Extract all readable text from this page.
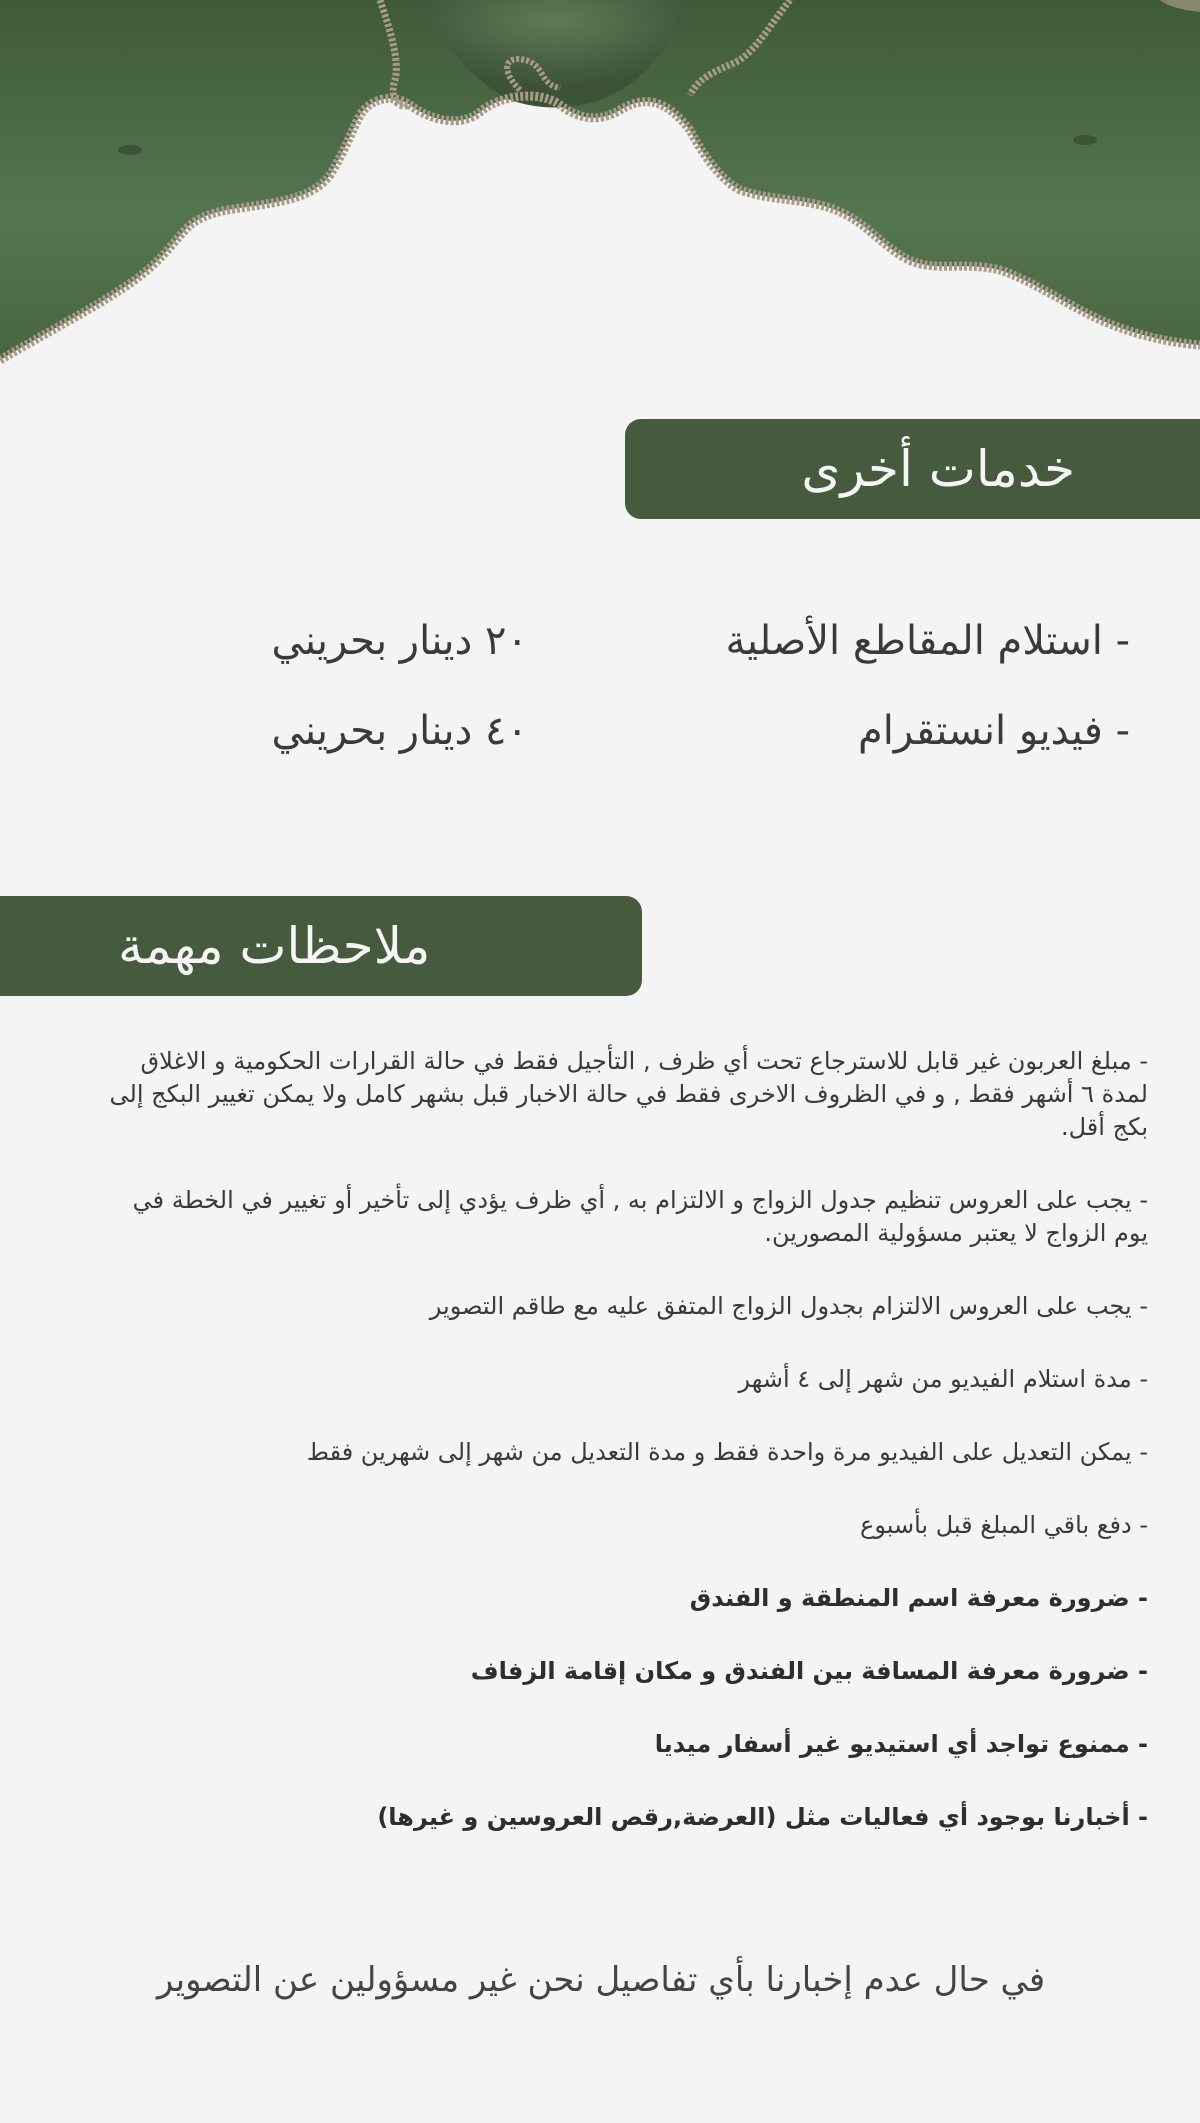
خدمات أخرى
- استلام المقاطع الأصلية
٢٠ دينار بحريني
- فيديو انستقرام
٤٠ دينار بحريني
ملاحظات مهمة

- مبلغ العربون غير قابل للاسترجاع تحت أي ظرف , التأجيل فقط في حالة القرارات الحكومية و الاغلاق لمدة ٦ أشهر فقط , و في الظروف الاخرى فقط في حالة الاخبار قبل بشهر كامل ولا يمكن تغيير البكج إلى بكج أقل.

- يجب على العروس تنظيم جدول الزواج و الالتزام به , أي ظرف يؤدي إلى تأخير أو تغيير في الخطة في يوم الزواج لا يعتبر مسؤولية المصورين.

- يجب على العروس الالتزام بجدول الزواج المتفق عليه مع طاقم التصوير

- مدة استلام الفيديو من شهر إلى ٤ أشهر

- يمكن التعديل على الفيديو مرة واحدة فقط و مدة التعديل من شهر إلى شهرين فقط

- دفع باقي المبلغ قبل بأسبوع

- ضرورة معرفة اسم المنطقة و الفندق

- ضرورة معرفة المسافة بين الفندق و مكان إقامة الزفاف

- ممنوع تواجد أي استيديو غير أسفار ميديا

- أخبارنا بوجود أي فعاليات مثل (العرضة,رقص العروسين و غيرها)

في حال عدم إخبارنا بأي تفاصيل نحن غير مسؤولين عن التصوير
